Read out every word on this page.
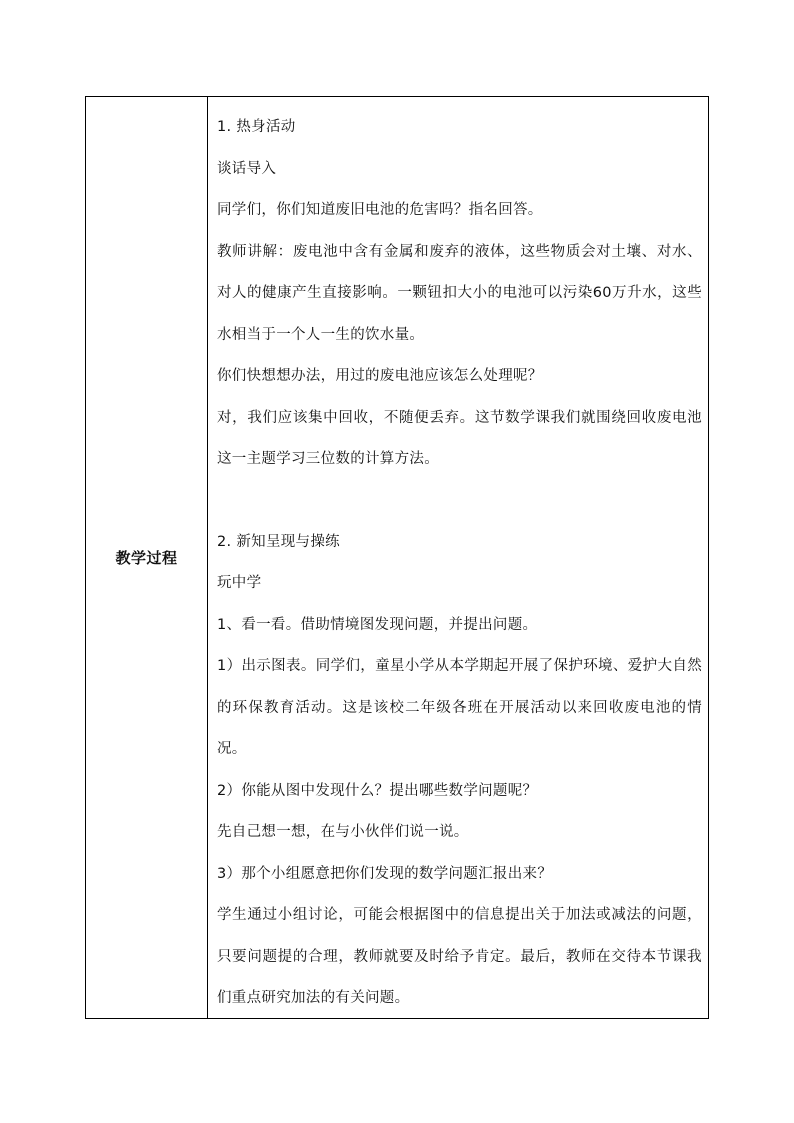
教学过程

1. 热身活动

谈话导入

同学们，你们知道废旧电池的危害吗？指名回答。

教师讲解：废电池中含有金属和废弃的液体，这些物质会对土壤、对水、对人的健康产生直接影响。一颗钮扣大小的电池可以污染60万升水，这些水相当于一个人一生的饮水量。

你们快想想办法，用过的废电池应该怎么处理呢？

对，我们应该集中回收，不随便丢弃。这节数学课我们就围绕回收废电池这一主题学习三位数的计算方法。

2. 新知呈现与操练

玩中学

1、看一看。借助情境图发现问题，并提出问题。

1）出示图表。同学们，童星小学从本学期起开展了保护环境、爱护大自然的环保教育活动。这是该校二年级各班在开展活动以来回收废电池的情况。

2）你能从图中发现什么？提出哪些数学问题呢？

先自己想一想，在与小伙伴们说一说。

3）那个小组愿意把你们发现的数学问题汇报出来？

学生通过小组讨论，可能会根据图中的信息提出关于加法或减法的问题，只要问题提的合理，教师就要及时给予肯定。最后，教师在交待本节课我们重点研究加法的有关问题。
